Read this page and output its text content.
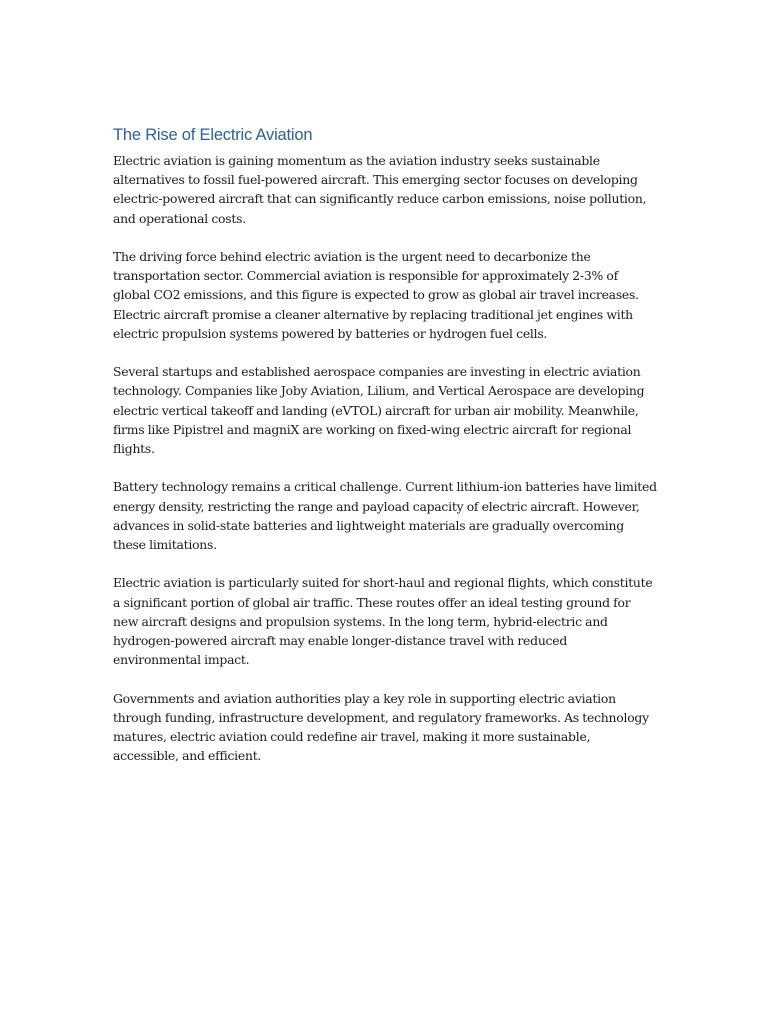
The Rise of Electric Aviation

Electric aviation is gaining momentum as the aviation industry seeks sustainable alternatives to fossil fuel-powered aircraft. This emerging sector focuses on developing electric-powered aircraft that can significantly reduce carbon emissions, noise pollution, and operational costs.

The driving force behind electric aviation is the urgent need to decarbonize the transportation sector. Commercial aviation is responsible for approximately 2-3% of global CO2 emissions, and this figure is expected to grow as global air travel increases. Electric aircraft promise a cleaner alternative by replacing traditional jet engines with electric propulsion systems powered by batteries or hydrogen fuel cells.

Several startups and established aerospace companies are investing in electric aviation technology. Companies like Joby Aviation, Lilium, and Vertical Aerospace are developing electric vertical takeoff and landing (eVTOL) aircraft for urban air mobility. Meanwhile, firms like Pipistrel and magniX are working on fixed-wing electric aircraft for regional flights.

Battery technology remains a critical challenge. Current lithium-ion batteries have limited energy density, restricting the range and payload capacity of electric aircraft. However, advances in solid-state batteries and lightweight materials are gradually overcoming these limitations.

Electric aviation is particularly suited for short-haul and regional flights, which constitute a significant portion of global air traffic. These routes offer an ideal testing ground for new aircraft designs and propulsion systems. In the long term, hybrid-electric and hydrogen-powered aircraft may enable longer-distance travel with reduced environmental impact.

Governments and aviation authorities play a key role in supporting electric aviation through funding, infrastructure development, and regulatory frameworks. As technology matures, electric aviation could redefine air travel, making it more sustainable, accessible, and efficient.
